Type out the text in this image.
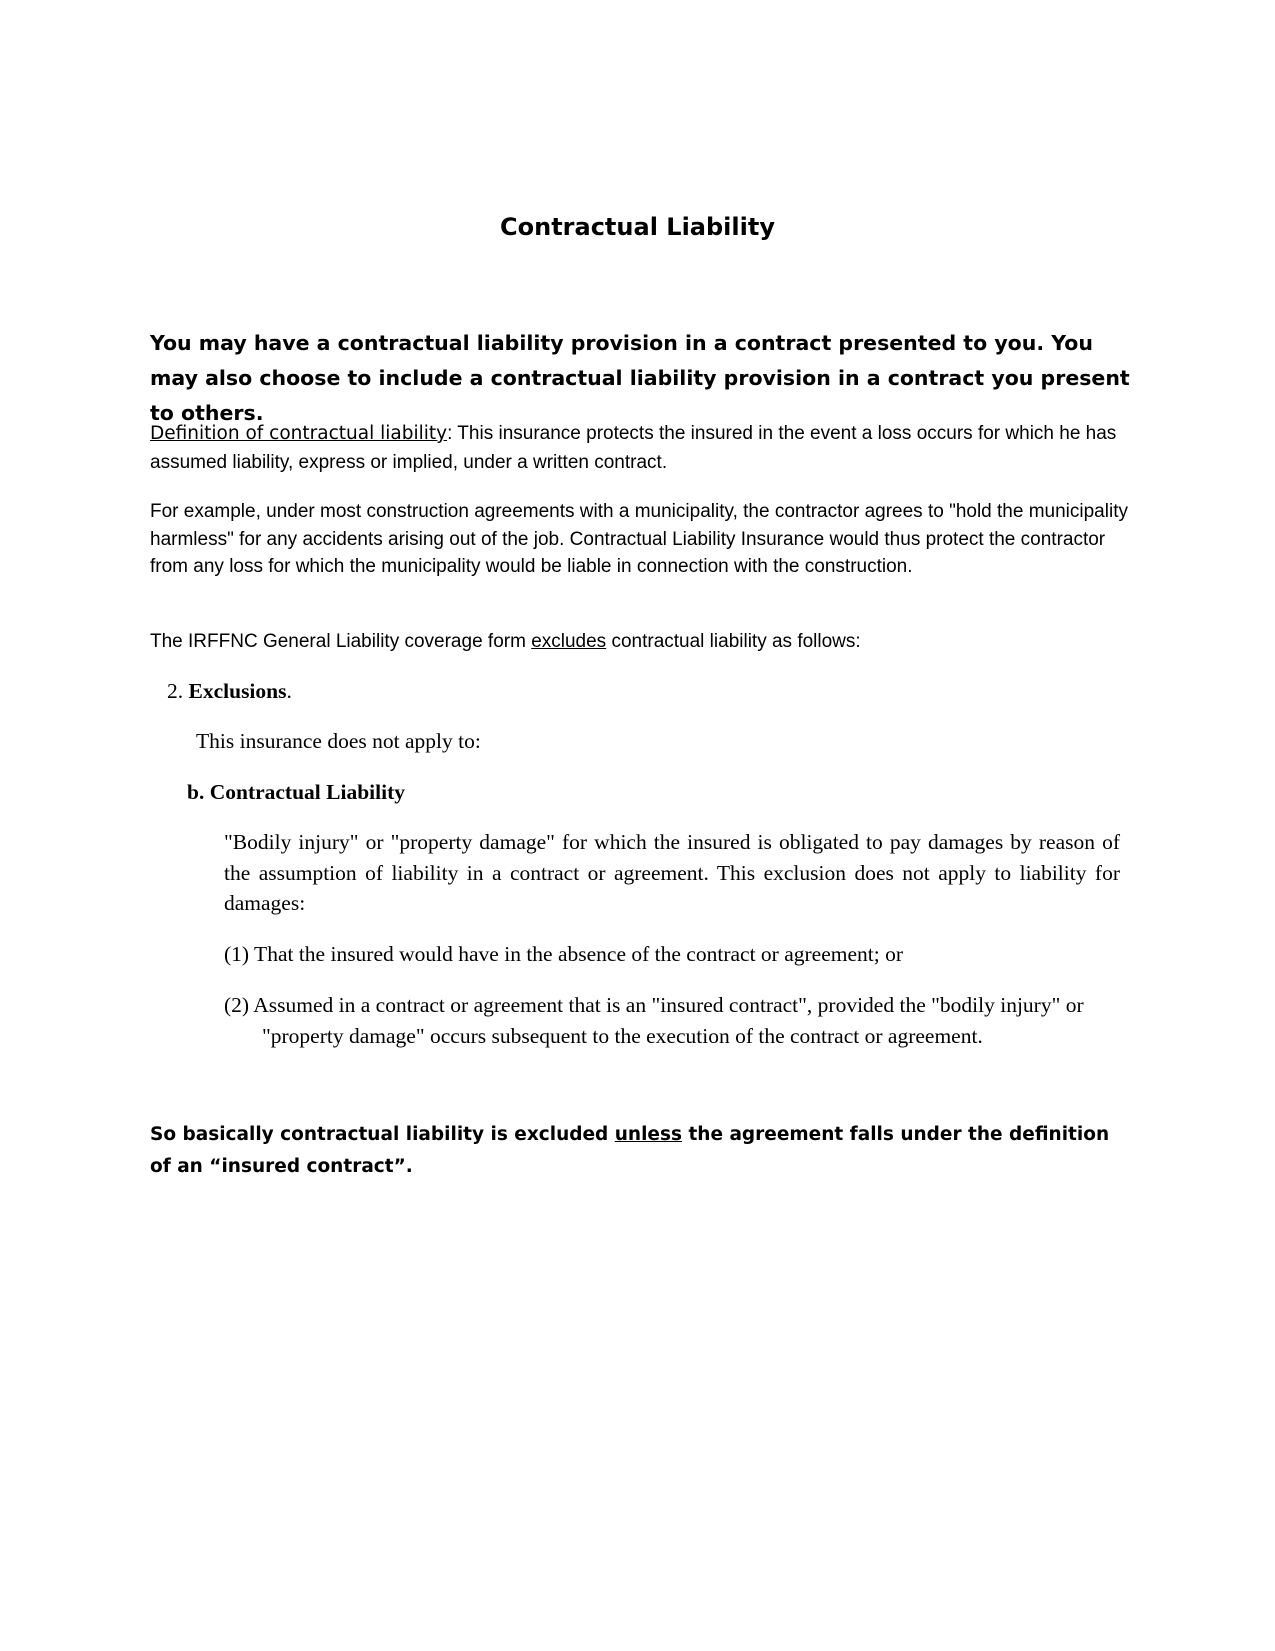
Contractual Liability

You may have a contractual liability provision in a contract presented to you. You may also choose to include a contractual liability provision in a contract you present to others.

Definition of contractual liability: This insurance protects the insured in the event a loss occurs for which he has assumed liability, express or implied, under a written contract.

For example, under most construction agreements with a municipality, the contractor agrees to "hold the municipality harmless" for any accidents arising out of the job. Contractual Liability Insurance would thus protect the contractor from any loss for which the municipality would be liable in connection with the construction.

The IRFFNC General Liability coverage form excludes contractual liability as follows:

2. Exclusions.

This insurance does not apply to:

b. Contractual Liability

"Bodily injury" or "property damage" for which the insured is obligated to pay damages by reason of the assumption of liability in a contract or agreement. This exclusion does not apply to liability for damages:

(1) That the insured would have in the absence of the contract or agreement; or

(2) Assumed in a contract or agreement that is an "insured contract", provided the "bodily injury" or "property damage" occurs subsequent to the execution of the contract or agreement.

So basically contractual liability is excluded unless the agreement falls under the definition of an “insured contract”.
